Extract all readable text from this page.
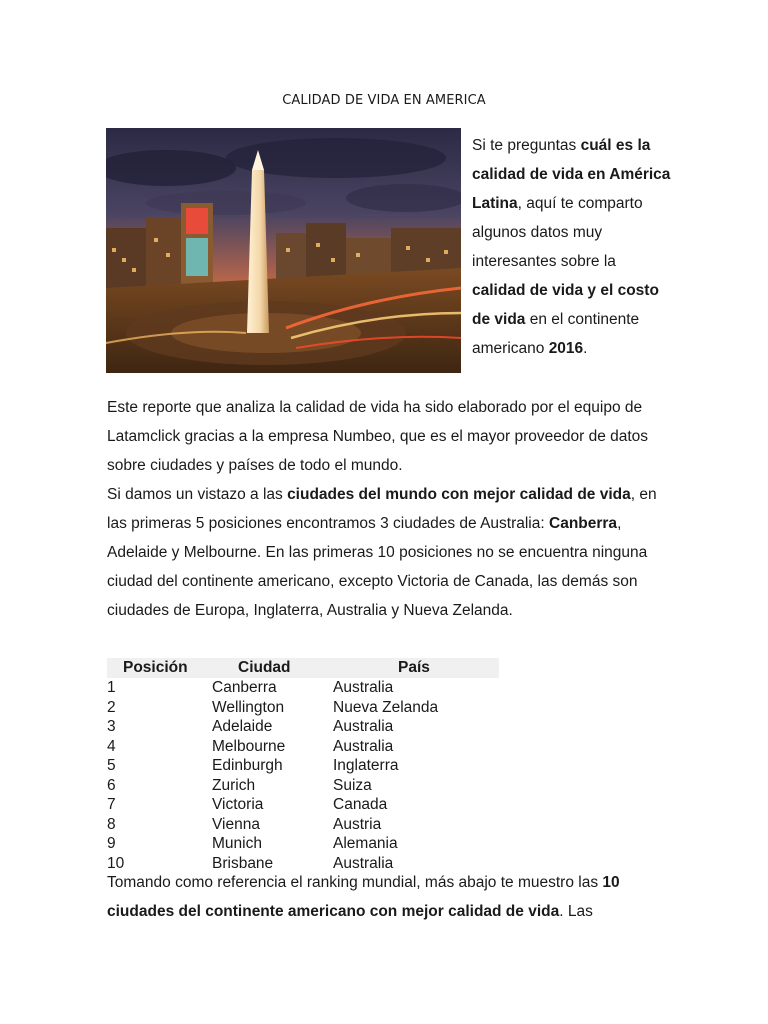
CALIDAD DE VIDA EN AMERICA
Si te preguntas cuál es la calidad de vida en América Latina, aquí te comparto algunos datos muy interesantes sobre la calidad de vida y el costo de vida en el continente americano 2016.

Este reporte que analiza la calidad de vida ha sido elaborado por el equipo de Latamclick gracias a la empresa Numbeo, que es el mayor proveedor de datos sobre ciudades y países de todo el mundo.

Si damos un vistazo a las ciudades del mundo con mejor calidad de vida, en las primeras 5 posiciones encontramos 3 ciudades de Australia: Canberra, Adelaide y Melbourne. En las primeras 10 posiciones no se encuentra ninguna ciudad del continente americano, excepto Victoria de Canada, las demás son ciudades de Europa, Inglaterra, Australia y Nueva Zelanda.

Posición	Ciudad	País
1	Canberra	Australia
2	Wellington	Nueva Zelanda
3	Adelaide	Australia
4	Melbourne	Australia
5	Edinburgh	Inglaterra
6	Zurich	Suiza
7	Victoria	Canada
8	Vienna	Austria
9	Munich	Alemania
10	Brisbane	Australia
Tomando como referencia el ranking mundial, más abajo te muestro las 10 ciudades del continente americano con mejor calidad de vida. Las
